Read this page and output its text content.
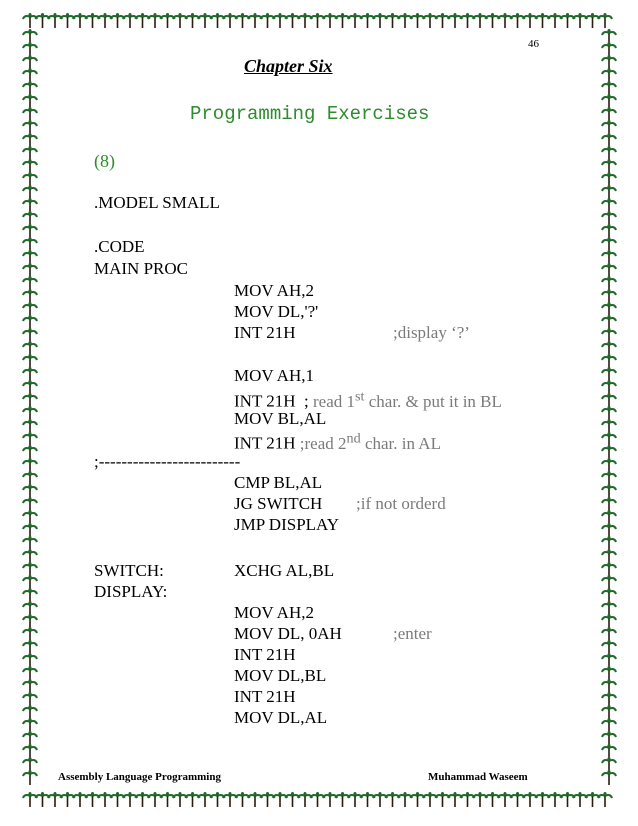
46
Chapter Six
Programming Exercises
(8)
.MODEL SMALL
.CODE
MAIN PROC
MOV AH,2
MOV DL,'?'
INT 21H	;display ‘?’
MOV AH,1
INT 21H  ; read 1st char. & put it in BL
MOV BL,AL
INT 21H ;read 2nd char. in AL
;-------------------------
CMP BL,AL
JG SWITCH ;if not orderd
JMP DISPLAY
SWITCH:	XCHG AL,BL
DISPLAY:
MOV AH,2
MOV DL, 0AH	;enter
INT 21H
MOV DL,BL
INT 21H
MOV DL,AL
Assembly Language Programming	Muhammad Waseem
